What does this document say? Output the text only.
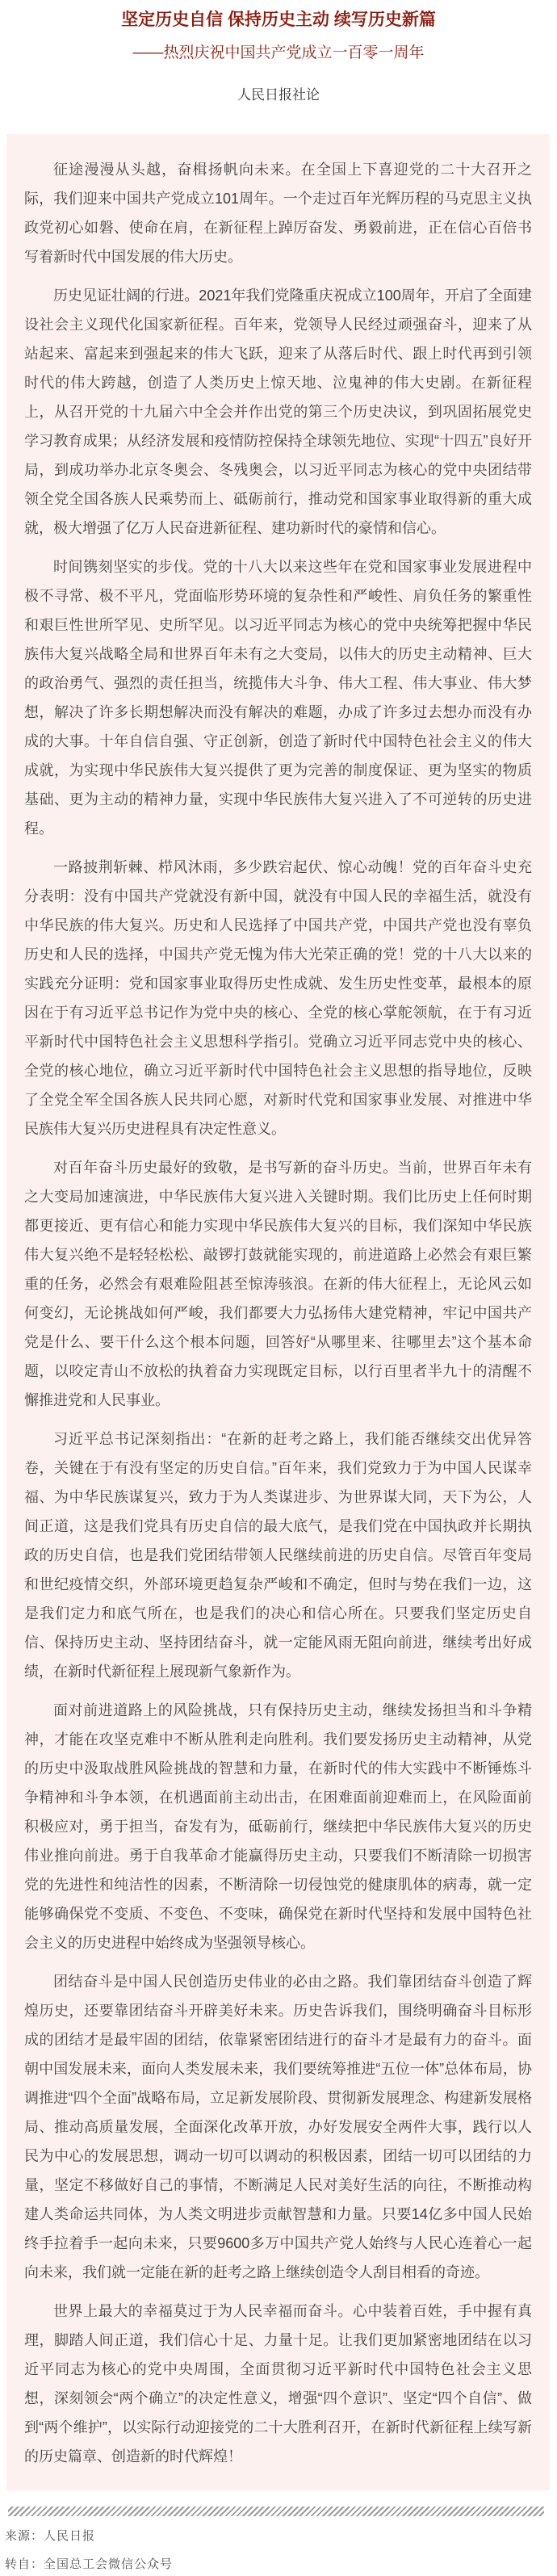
坚定历史自信 保持历史主动 续写历史新篇
——热烈庆祝中国共产党成立一百零一周年
人民日报社论

征途漫漫从头越，奋楫扬帆向未来。在全国上下喜迎党的二十大召开之际，我们迎来中国共产党成立101周年。一个走过百年光辉历程的马克思主义执政党初心如磐、使命在肩，在新征程上踔厉奋发、勇毅前进，正在信心百倍书写着新时代中国发展的伟大历史。

历史见证壮阔的行进。2021年我们党隆重庆祝成立100周年，开启了全面建设社会主义现代化国家新征程。百年来，党领导人民经过顽强奋斗，迎来了从站起来、富起来到强起来的伟大飞跃，迎来了从落后时代、跟上时代再到引领时代的伟大跨越，创造了人类历史上惊天地、泣鬼神的伟大史剧。在新征程上，从召开党的十九届六中全会并作出党的第三个历史决议，到巩固拓展党史学习教育成果；从经济发展和疫情防控保持全球领先地位、实现“十四五”良好开局，到成功举办北京冬奥会、冬残奥会，以习近平同志为核心的党中央团结带领全党全国各族人民乘势而上、砥砺前行，推动党和国家事业取得新的重大成就，极大增强了亿万人民奋进新征程、建功新时代的豪情和信心。

时间镌刻坚实的步伐。党的十八大以来这些年在党和国家事业发展进程中极不寻常、极不平凡，党面临形势环境的复杂性和严峻性、肩负任务的繁重性和艰巨性世所罕见、史所罕见。以习近平同志为核心的党中央统筹把握中华民族伟大复兴战略全局和世界百年未有之大变局，以伟大的历史主动精神、巨大的政治勇气、强烈的责任担当，统揽伟大斗争、伟大工程、伟大事业、伟大梦想，解决了许多长期想解决而没有解决的难题，办成了许多过去想办而没有办成的大事。十年自信自强、守正创新，创造了新时代中国特色社会主义的伟大成就，为实现中华民族伟大复兴提供了更为完善的制度保证、更为坚实的物质基础、更为主动的精神力量，实现中华民族伟大复兴进入了不可逆转的历史进程。

一路披荆斩棘、栉风沐雨，多少跌宕起伏、惊心动魄！党的百年奋斗史充分表明：没有中国共产党就没有新中国，就没有中国人民的幸福生活，就没有中华民族的伟大复兴。历史和人民选择了中国共产党，中国共产党也没有辜负历史和人民的选择，中国共产党无愧为伟大光荣正确的党！党的十八大以来的实践充分证明：党和国家事业取得历史性成就、发生历史性变革，最根本的原因在于有习近平总书记作为党中央的核心、全党的核心掌舵领航，在于有习近平新时代中国特色社会主义思想科学指引。党确立习近平同志党中央的核心、全党的核心地位，确立习近平新时代中国特色社会主义思想的指导地位，反映了全党全军全国各族人民共同心愿，对新时代党和国家事业发展、对推进中华民族伟大复兴历史进程具有决定性意义。

对百年奋斗历史最好的致敬，是书写新的奋斗历史。当前，世界百年未有之大变局加速演进，中华民族伟大复兴进入关键时期。我们比历史上任何时期都更接近、更有信心和能力实现中华民族伟大复兴的目标，我们深知中华民族伟大复兴绝不是轻轻松松、敲锣打鼓就能实现的，前进道路上必然会有艰巨繁重的任务，必然会有艰难险阻甚至惊涛骇浪。在新的伟大征程上，无论风云如何变幻，无论挑战如何严峻，我们都要大力弘扬伟大建党精神，牢记中国共产党是什么、要干什么这个根本问题，回答好“从哪里来、往哪里去”这个基本命题，以咬定青山不放松的执着奋力实现既定目标，以行百里者半九十的清醒不懈推进党和人民事业。

习近平总书记深刻指出：“在新的赶考之路上，我们能否继续交出优异答卷，关键在于有没有坚定的历史自信。”百年来，我们党致力于为中国人民谋幸福、为中华民族谋复兴，致力于为人类谋进步、为世界谋大同，天下为公，人间正道，这是我们党具有历史自信的最大底气，是我们党在中国执政并长期执政的历史自信，也是我们党团结带领人民继续前进的历史自信。尽管百年变局和世纪疫情交织，外部环境更趋复杂严峻和不确定，但时与势在我们一边，这是我们定力和底气所在，也是我们的决心和信心所在。只要我们坚定历史自信、保持历史主动、坚持团结奋斗，就一定能风雨无阻向前进，继续考出好成绩，在新时代新征程上展现新气象新作为。

面对前进道路上的风险挑战，只有保持历史主动，继续发扬担当和斗争精神，才能在攻坚克难中不断从胜利走向胜利。我们要发扬历史主动精神，从党的历史中汲取战胜风险挑战的智慧和力量，在新时代的伟大实践中不断锤炼斗争精神和斗争本领，在机遇面前主动出击，在困难面前迎难而上，在风险面前积极应对，勇于担当，奋发有为，砥砺前行，继续把中华民族伟大复兴的历史伟业推向前进。勇于自我革命才能赢得历史主动，只要我们不断清除一切损害党的先进性和纯洁性的因素，不断清除一切侵蚀党的健康肌体的病毒，就一定能够确保党不变质、不变色、不变味，确保党在新时代坚持和发展中国特色社会主义的历史进程中始终成为坚强领导核心。

团结奋斗是中国人民创造历史伟业的必由之路。我们靠团结奋斗创造了辉煌历史，还要靠团结奋斗开辟美好未来。历史告诉我们，围绕明确奋斗目标形成的团结才是最牢固的团结，依靠紧密团结进行的奋斗才是最有力的奋斗。面朝中国发展未来，面向人类发展未来，我们要统筹推进“五位一体”总体布局，协调推进“四个全面”战略布局，立足新发展阶段、贯彻新发展理念、构建新发展格局、推动高质量发展，全面深化改革开放，办好发展安全两件大事，践行以人民为中心的发展思想，调动一切可以调动的积极因素，团结一切可以团结的力量，坚定不移做好自己的事情，不断满足人民对美好生活的向往，不断推动构建人类命运共同体，为人类文明进步贡献智慧和力量。只要14亿多中国人民始终手拉着手一起向未来，只要9600多万中国共产党人始终与人民心连着心一起向未来，我们就一定能在新的赶考之路上继续创造令人刮目相看的奇迹。

世界上最大的幸福莫过于为人民幸福而奋斗。心中装着百姓，手中握有真理，脚踏人间正道，我们信心十足、力量十足。让我们更加紧密地团结在以习近平同志为核心的党中央周围，全面贯彻习近平新时代中国特色社会主义思想，深刻领会“两个确立”的决定性意义，增强“四个意识”、坚定“四个自信”、做到“两个维护”，以实际行动迎接党的二十大胜利召开，在新时代新征程上续写新的历史篇章、创造新的时代辉煌！

来源：人民日报

转自：全国总工会微信公众号
